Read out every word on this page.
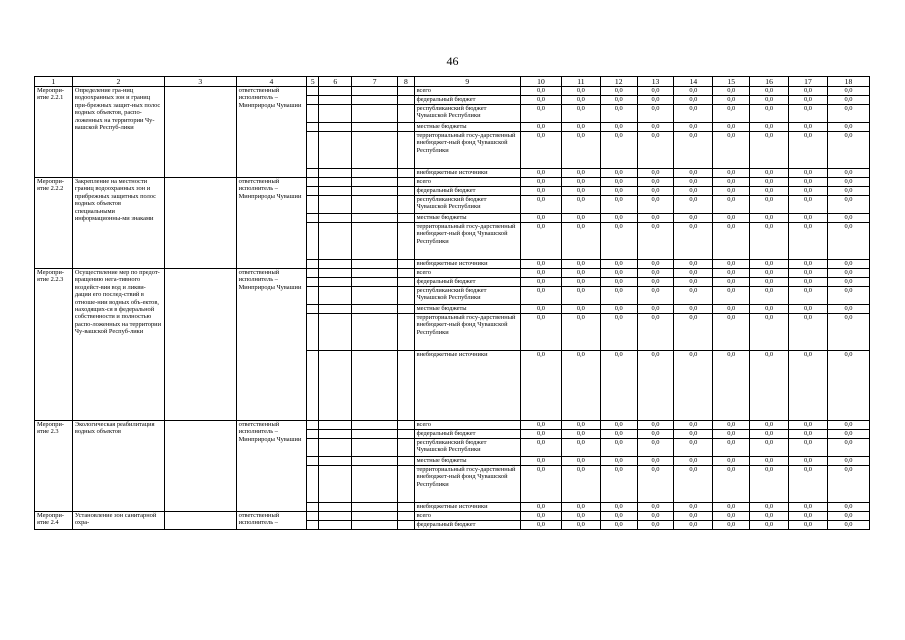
46
1	2	3	4	5	6	7	8	9	10	11	12	13	14	15	16	17	18
Меропри-ятие 2.2.1	Определение гра-ниц водоохранных зон и границ при-брежных защит-ных полос водных объектов, распо-ложенных на территории Чу-вашской Респуб-лики		ответственный исполнитель – Минприроды Чувашии					всего	0,0	0,0	0,0	0,0	0,0	0,0	0,0	0,0	0,0
								федеральный бюджет	0,0	0,0	0,0	0,0	0,0	0,0	0,0	0,0	0,0
								республиканский бюджет Чувашской Республики	0,0	0,0	0,0	0,0	0,0	0,0	0,0	0,0	0,0
								местные бюджеты	0,0	0,0	0,0	0,0	0,0	0,0	0,0	0,0	0,0
								территориальный госу-дарственный внебюджет-ный фонд Чувашской Республики	0,0	0,0	0,0	0,0	0,0	0,0	0,0	0,0	0,0
								внебюджетные источники	0,0	0,0	0,0	0,0	0,0	0,0	0,0	0,0	0,0
Меропри-ятие 2.2.2	Закрепление на местности границ водоохранных зон и прибрежных защитных полос водных объектов специальными информационны-ми знаками		ответственный исполнитель – Минприроды Чувашии					всего	0,0	0,0	0,0	0,0	0,0	0,0	0,0	0,0	0,0
								федеральный бюджет	0,0	0,0	0,0	0,0	0,0	0,0	0,0	0,0	0,0
								республиканский бюджет Чувашской Республики	0,0	0,0	0,0	0,0	0,0	0,0	0,0	0,0	0,0
								местные бюджеты	0,0	0,0	0,0	0,0	0,0	0,0	0,0	0,0	0,0
								территориальный госу-дарственный внебюджет-ный фонд Чувашской Республики	0,0	0,0	0,0	0,0	0,0	0,0	0,0	0,0	0,0
								внебюджетные источники	0,0	0,0	0,0	0,0	0,0	0,0	0,0	0,0	0,0
Меропри-ятие 2.2.3	Осуществление мер по предот-вращению нега-тивного воздейст-вия вод и ликви-дации его послед-ствий в отноше-нии водных объ-ектов, находящих-ся в федеральной собственности и полностью распо-ложенных на территории Чу-вашской Респуб-лики		ответственный исполнитель – Минприроды Чувашии					всего	0,0	0,0	0,0	0,0	0,0	0,0	0,0	0,0	0,0
								федеральный бюджет	0,0	0,0	0,0	0,0	0,0	0,0	0,0	0,0	0,0
								республиканский бюджет Чувашской Республики	0,0	0,0	0,0	0,0	0,0	0,0	0,0	0,0	0,0
								местные бюджеты	0,0	0,0	0,0	0,0	0,0	0,0	0,0	0,0	0,0
								территориальный госу-дарственный внебюджет-ный фонд Чувашской Республики	0,0	0,0	0,0	0,0	0,0	0,0	0,0	0,0	0,0
								внебюджетные источники	0,0	0,0	0,0	0,0	0,0	0,0	0,0	0,0	0,0
Меропри-ятие 2.3	Экологическая реабилитация водных объектов		ответственный исполнитель – Минприроды Чувашии					всего	0,0	0,0	0,0	0,0	0,0	0,0	0,0	0,0	0,0
								федеральный бюджет	0,0	0,0	0,0	0,0	0,0	0,0	0,0	0,0	0,0
								республиканский бюджет Чувашской Республики	0,0	0,0	0,0	0,0	0,0	0,0	0,0	0,0	0,0
								местные бюджеты	0,0	0,0	0,0	0,0	0,0	0,0	0,0	0,0	0,0
								территориальный госу-дарственный внебюджет-ный фонд Чувашской Республики	0,0	0,0	0,0	0,0	0,0	0,0	0,0	0,0	0,0
								внебюджетные источники	0,0	0,0	0,0	0,0	0,0	0,0	0,0	0,0	0,0
Меропри-ятие 2.4	Установление зон санитарной охра-		ответственный исполнитель –					всего	0,0	0,0	0,0	0,0	0,0	0,0	0,0	0,0	0,0
								федеральный бюджет	0,0	0,0	0,0	0,0	0,0	0,0	0,0	0,0	0,0
